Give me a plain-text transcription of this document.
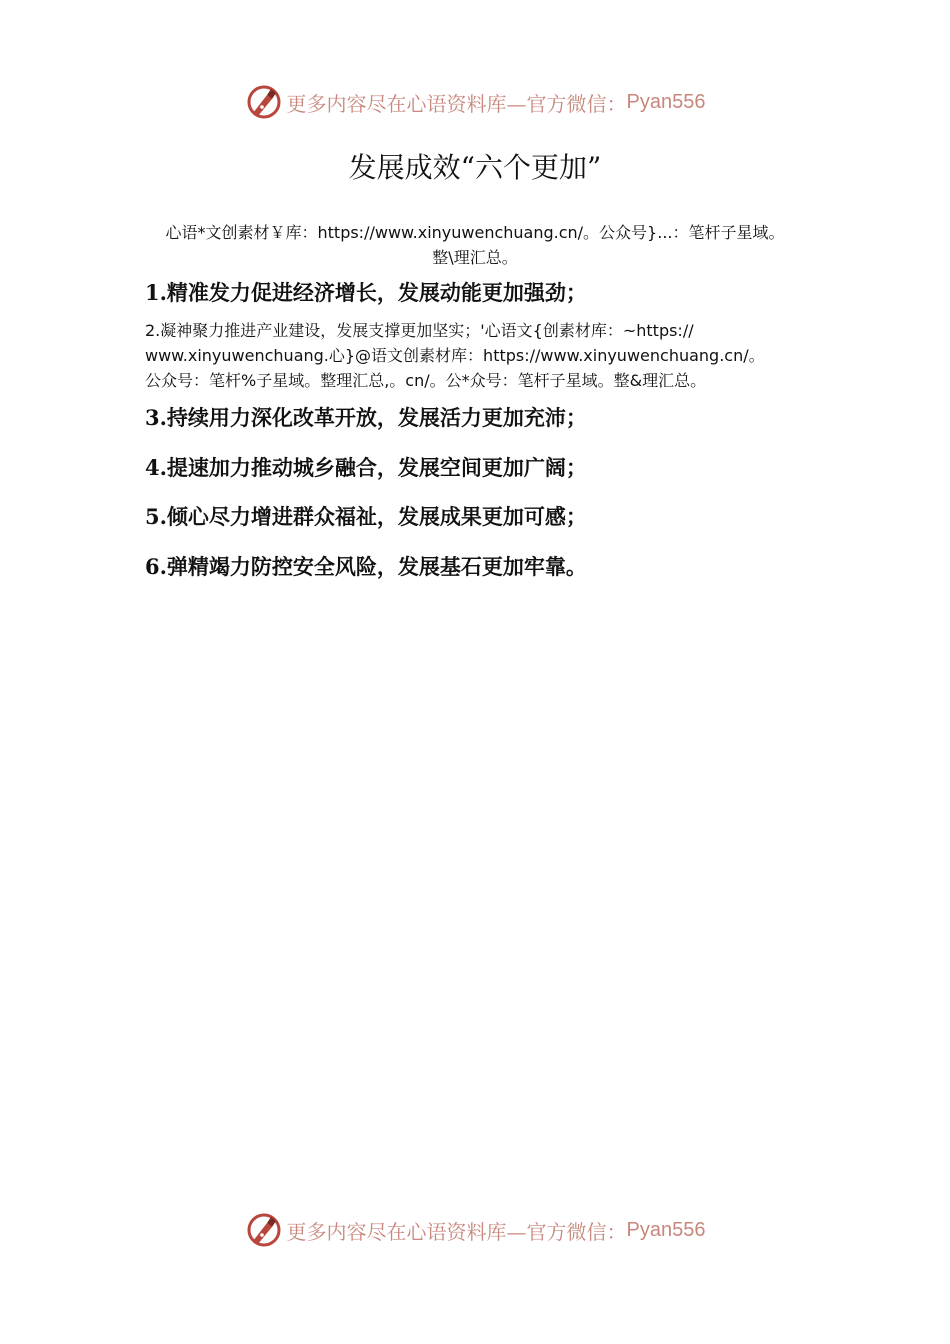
更多内容尽在心语资料库—官方微信： Pyan556
发展成效“六个更加”
心语*文创素材￥库：https://www.xinyuwenchuang.cn/。公众号}...：笔杆子星域。
整\理汇总。
1.精准发力促进经济增长，发展动能更加强劲；
2.凝神聚力推进产业建设，发展支撑更加坚实；'心语文{创素材库：~https://
www.xinyuwenchuang.心}@语文创素材库：https://www.xinyuwenchuang.cn/。
公众号：笔杆%子星域。整理汇总,。cn/。公*众号：笔杆子星域。整&理汇总。
3.持续用力深化改革开放，发展活力更加充沛；
4.提速加力推动城乡融合，发展空间更加广阔；
5.倾心尽力增进群众福祉，发展成果更加可感；
6.弹精竭力防控安全风险，发展基石更加牢靠。
更多内容尽在心语资料库—官方微信： Pyan556
